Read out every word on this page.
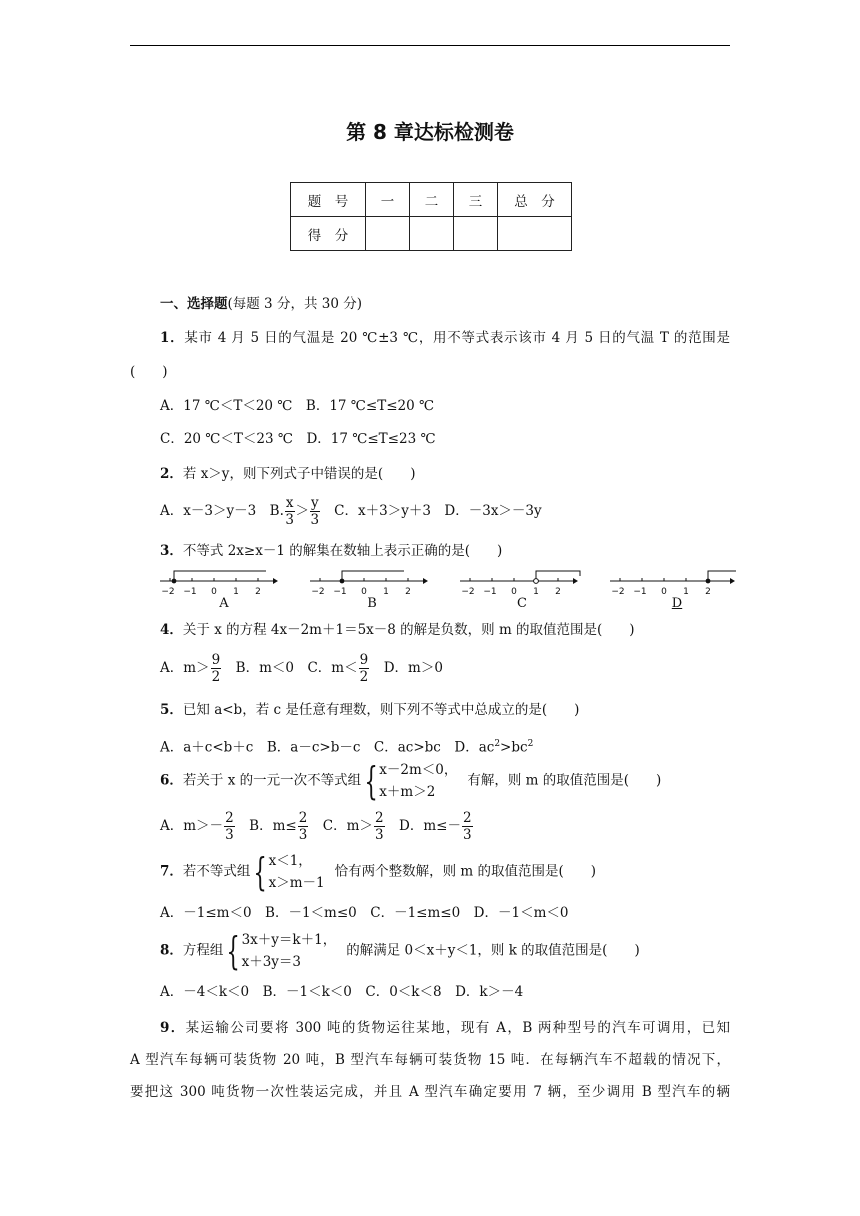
第 8 章达标检测卷
题　号	一	二	三	总　分
得　分				
一、选择题(每题 3 分，共 30 分)
1．某市 4 月 5 日的气温是 20 ℃±3 ℃，用不等式表示该市 4 月 5 日的气温 T 的范围是
(　　)
A．17 ℃＜T＜20 ℃　B．17 ℃≤T≤20 ℃
C．20 ℃＜T＜23 ℃　D．17 ℃≤T≤23 ℃
2．若 x＞y，则下列式子中错误的是(　　)
A．x－3＞y－3　B. $\frac{x}{3} > \frac{y}{3}$ 　C．x＋3＞y＋3　D．－3x＞－3y
3．不等式 2x≥x－1 的解集在数轴上表示正确的是(　　)
−2 −1 0 1 2
A
−2 −1 0 1 2
B
−2 −1 0 1 2
C
−2 −1 0 1 2
D
4．关于 x 的方程 4x－2m＋1＝5x－8 的解是负数，则 m 的取值范围是(　　)
A．$m> \frac{9}{2}$ 　B．m＜0　C．$m< \frac{9}{2}$ 　D．m＞0
5．已知 a<b，若 c 是任意有理数，则下列不等式中总成立的是(　　)
A．a＋c<b＋c　B．a－c>b－c　C．ac>bc　D．$ac^2>bc^2$
6．若关于 x 的一元一次不等式组{ x－2m＜0，
x＋m＞2
有解，则 m 的取值范围是(　　)
A．$m>- \frac{2}{3}$ 　B．$m\le \frac{2}{3}$ 　C．$m> \frac{2}{3}$ 　D．$m\le- \frac{2}{3}$
7．若不等式组{ x＜1，
x＞m－1
恰有两个整数解，则 m 的取值范围是(　　)
A．－1≤m＜0　B．－1＜m≤0　C．－1≤m≤0　D．－1＜m＜0
8．方程组{ 3x＋y＝k＋1，
x＋3y＝3
的解满足 0＜x＋y＜1，则 k 的取值范围是(　　)
A．－4＜k＜0　B．－1＜k＜0　C．0＜k＜8　D．k＞－4
9．某运输公司要将 300 吨的货物运往某地，现有 A，B 两种型号的汽车可调用，已知
A 型汽车每辆可装货物 20 吨，B 型汽车每辆可装货物 15 吨．在每辆汽车不超载的情况下，
要把这 300 吨货物一次性装运完成，并且 A 型汽车确定要用 7 辆，至少调用 B 型汽车的辆
